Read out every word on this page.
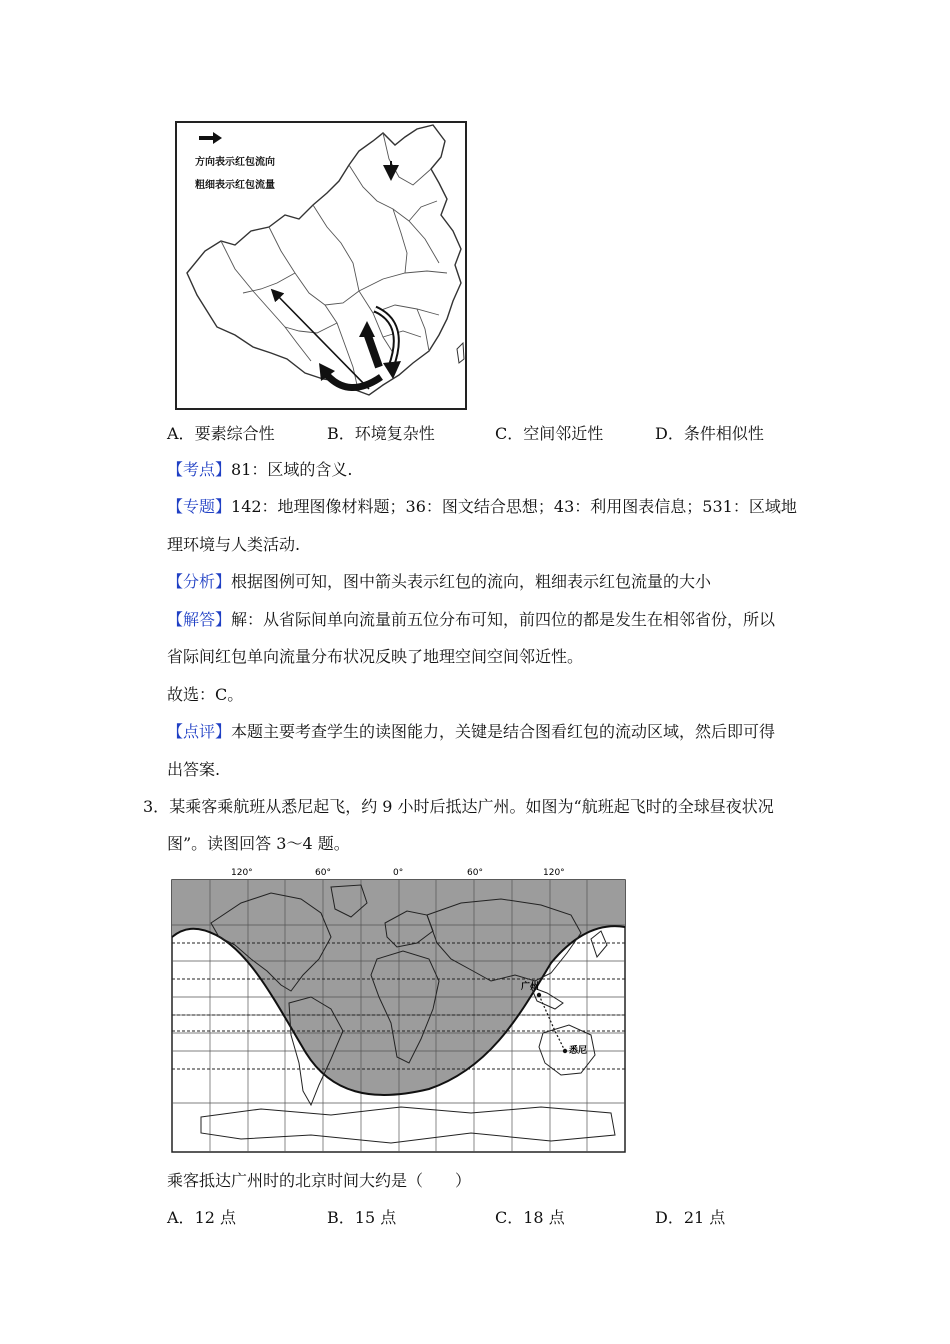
方向表示红包流向
粗细表示红包流量
A．要素综合性	B．环境复杂性	C．空间邻近性	D．条件相似性
【考点】81：区域的含义.
【专题】142：地理图像材料题；36：图文结合思想；43：利用图表信息；531：区域地
理环境与人类活动.
【分析】根据图例可知，图中箭头表示红包的流向，粗细表示红包流量的大小
【解答】解：从省际间单向流量前五位分布可知，前四位的都是发生在相邻省份，所以
省际间红包单向流量分布状况反映了地理空间空间邻近性。
故选：C。
【点评】本题主要考查学生的读图能力，关键是结合图看红包的流动区域，然后即可得
出答案.
3．某乘客乘航班从悉尼起飞，约 9 小时后抵达广州。如图为“航班起飞时的全球昼夜状况
图”。读图回答 3～4 题。
120°	60°	0°	60°	120°
广州
悉尼
乘客抵达广州时的北京时间大约是（　　）
A．12 点	B．15 点	C．18 点	D．21 点
